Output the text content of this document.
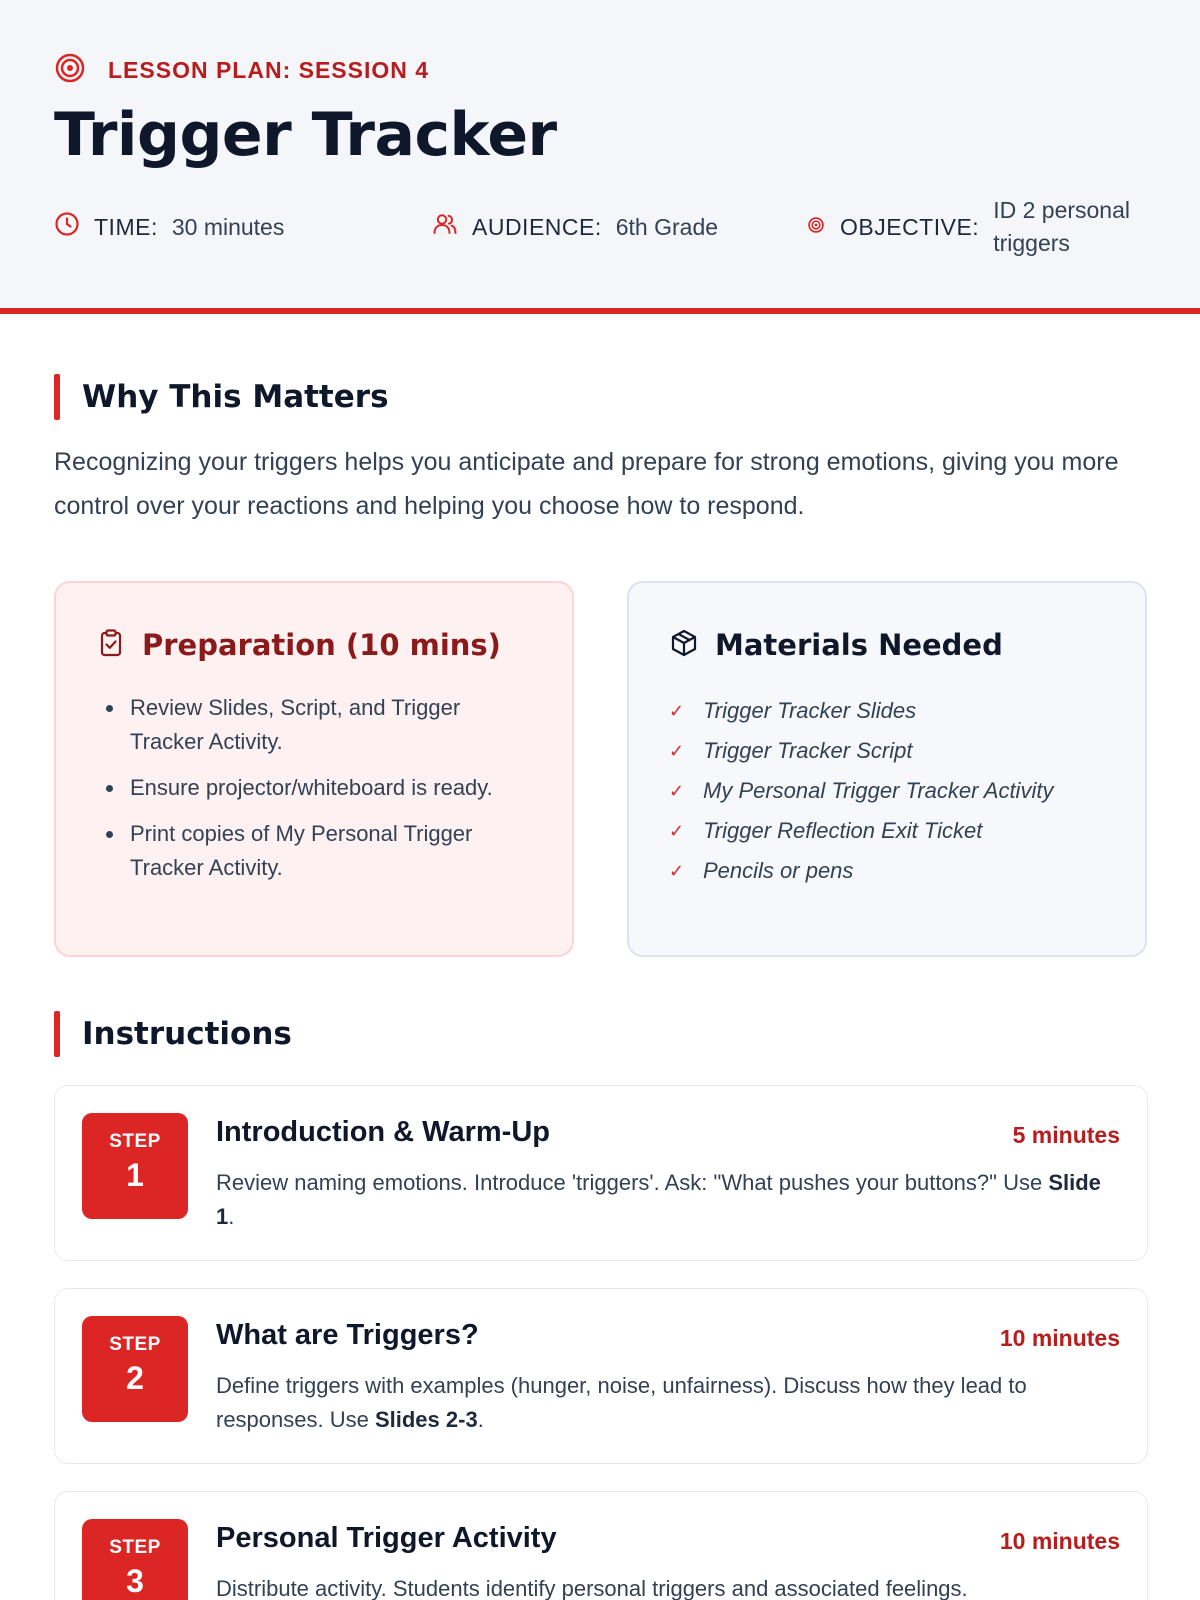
LESSON PLAN: SESSION 4
Trigger Tracker
TIME: 30 minutes	AUDIENCE: 6th Grade	OBJECTIVE:
ID 2 personal triggers
Why This Matters

Recognizing your triggers helps you anticipate and prepare for strong emotions, giving you more control over your reactions and helping you choose how to respond.

Preparation (10 mins)
Review Slides, Script, and Trigger Tracker Activity.
Ensure projector/whiteboard is ready.
Print copies of My Personal Trigger Tracker Activity.
Materials Needed
✓ Trigger Tracker Slides
✓ Trigger Tracker Script
✓ My Personal Trigger Tracker Activity
✓ Trigger Reflection Exit Ticket
✓ Pencils or pens
Instructions
STEP
1
Introduction & Warm-Up	5 minutes

Review naming emotions. Introduce 'triggers'. Ask: "What pushes your buttons?" Use Slide 1.

STEP
2
What are Triggers?	10 minutes

Define triggers with examples (hunger, noise, unfairness). Discuss how they lead to responses. Use Slides 2-3.

STEP
3
Personal Trigger Activity	10 minutes

Distribute activity. Students identify personal triggers and associated feelings.
